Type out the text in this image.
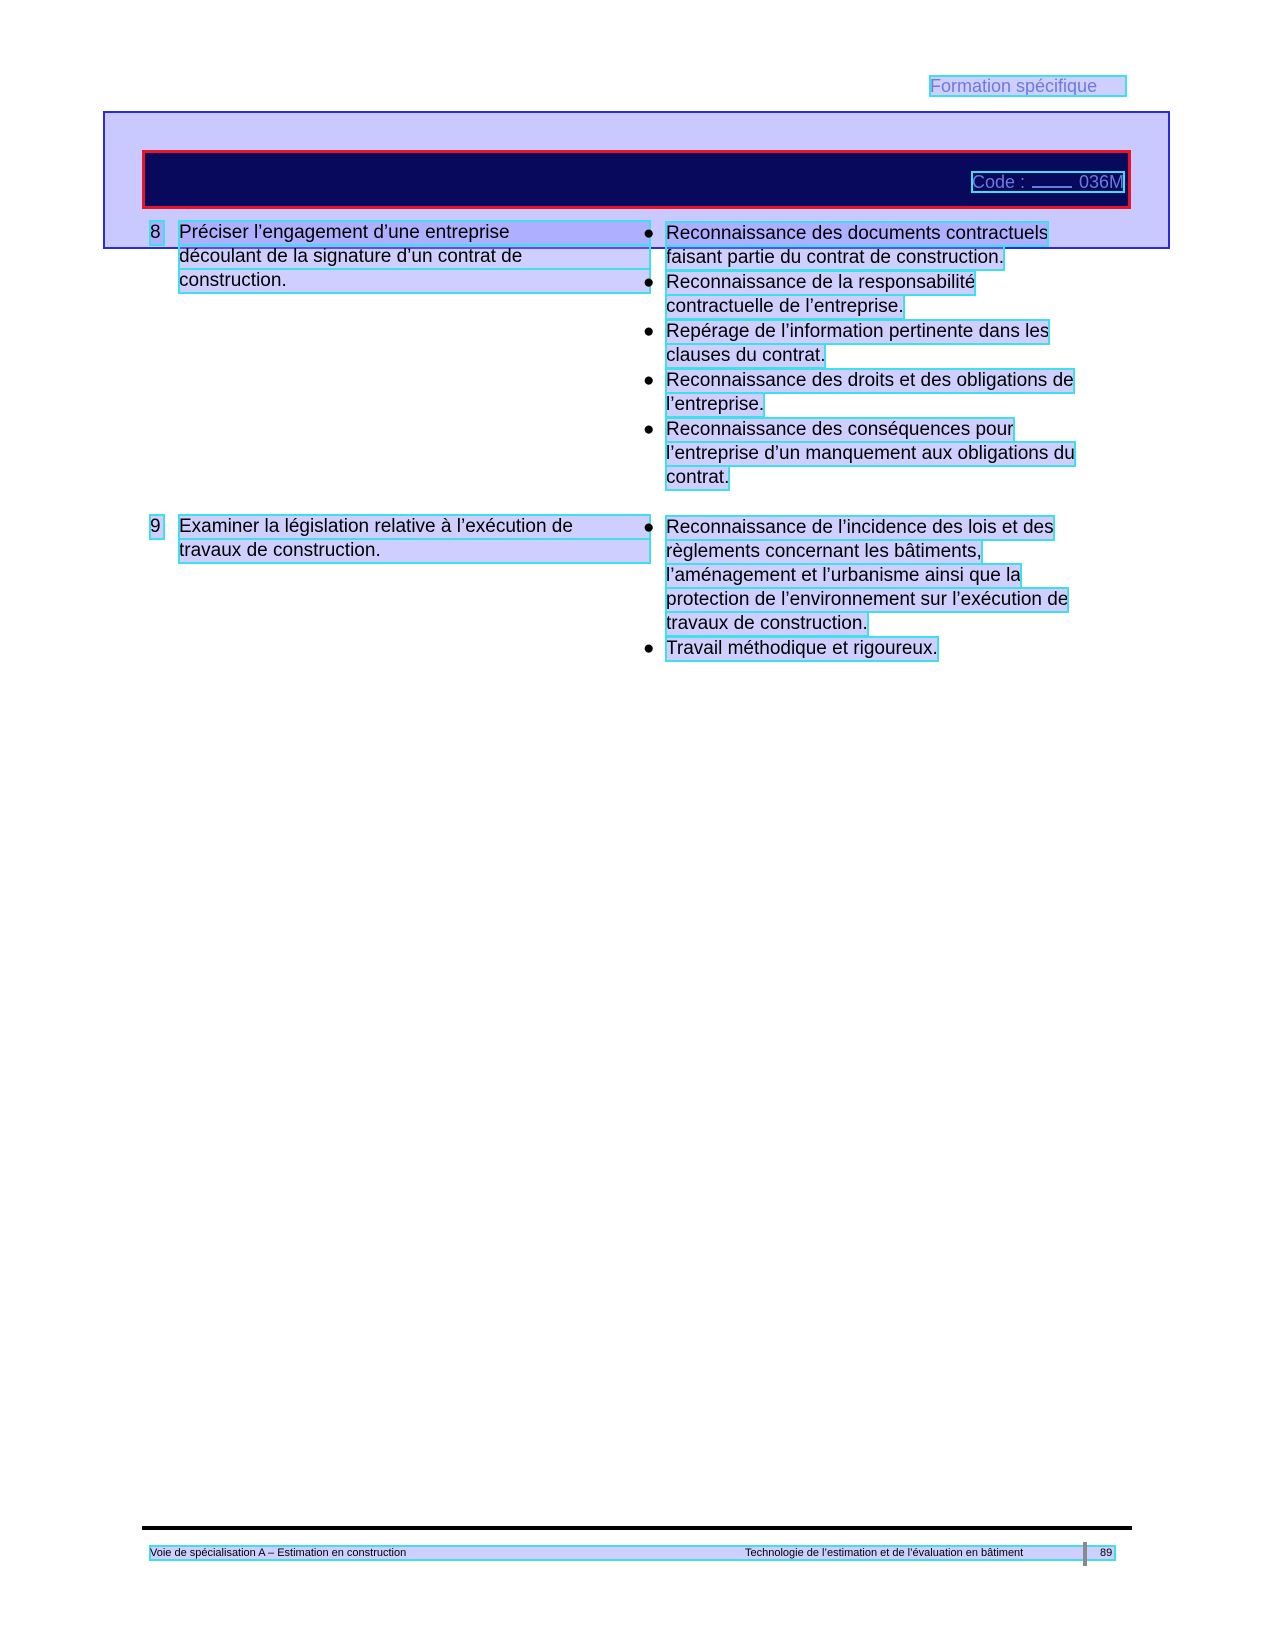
Formation spécifique
Code :	036M
8 Préciser l’engagement d’une entreprise
découlant de la signature d’un contrat de
construction.
● Reconnaissance des documents contractuels
faisant partie du contrat de construction.
● Reconnaissance de la responsabilité
contractuelle de l’entreprise.
● Repérage de l’information pertinente dans les
clauses du contrat.
● Reconnaissance des droits et des obligations de
l’entreprise.
● Reconnaissance des conséquences pour
l’entreprise d’un manquement aux obligations du
contrat.
9 Examiner la législation relative à l’exécution de
travaux de construction.
● Reconnaissance de l’incidence des lois et des
règlements concernant les bâtiments,
l’aménagement et l’urbanisme ainsi que la
protection de l’environnement sur l’exécution de
travaux de construction.
● Travail méthodique et rigoureux.
Voie de spécialisation A – Estimation en construction	Technologie de l’estimation et de l’évaluation en bâtiment	89
